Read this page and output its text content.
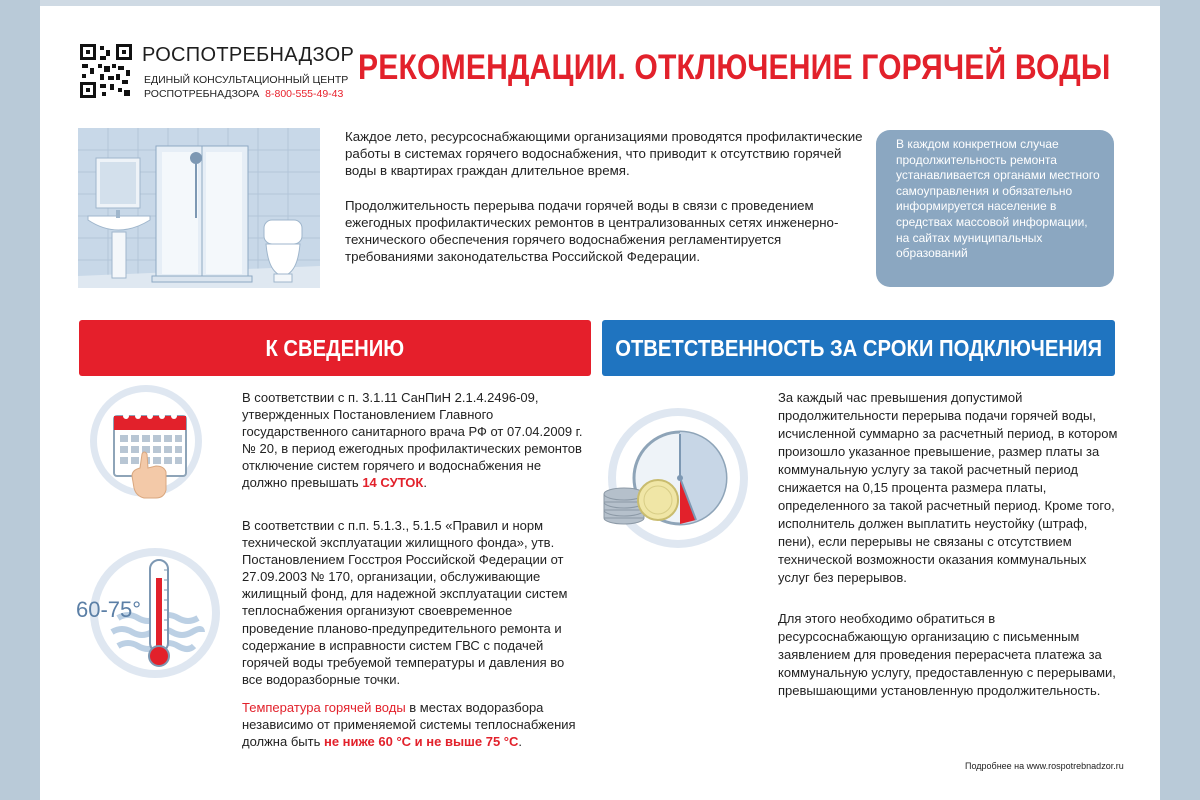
РОСПОТРЕБНАДЗОР
ЕДИНЫЙ КОНСУЛЬТАЦИОННЫЙ ЦЕНТР
РОСПОТРЕБНАДЗОРА 8-800-555-49-43
РЕКОМЕНДАЦИИ. ОТКЛЮЧЕНИЕ ГОРЯЧЕЙ ВОДЫ

Каждое лето, ресурсоснабжающими организациями проводятся профилактические работы в системах горячего водоснабжения, что приводит к отсутствию горячей воды в квартирах граждан длительное время.

Продолжительность перерыва подачи горячей воды в связи с проведением ежегодных профилактических ремонтов в централизованных сетях инженерно-технического обеспечения горячего водоснабжения регламентируется требованиями законодательства Российской Федерации.

В каждом конкретном случае продолжительность ремонта устанавливается органами местного самоуправления и обязательно информируется население в средствах массовой информации, на сайтах муниципальных образований
К СВЕДЕНИЮ	ОТВЕТСТВЕННОСТЬ ЗА СРОКИ ПОДКЛЮЧЕНИЯ
В соответствии с п. 3.1.11 СанПиН 2.1.4.2496-09, утвержденных Постановлением Главного государственного санитарного врача РФ от 07.04.2009 г. № 20, в период ежегодных профилактических ремонтов отключение систем горячего и водоснабжения не должно превышать 14 СУТОК.
60-75°
В соответствии с п.п. 5.1.3., 5.1.5 «Правил и норм технической эксплуатации жилищного фонда», утв. Постановлением Госстроя Российской Федерации от 27.09.2003 № 170, организации, обслуживающие жилищный фонд, для надежной эксплуатации систем теплоснабжения организуют своевременное проведение планово-предупредительного ремонта и содержание в исправности систем ГВС с подачей горячей воды требуемой температуры и давления во все водоразборные точки.
Температура горячей воды в местах водоразбора независимо от применяемой системы теплоснабжения должна быть не ниже 60 °С и не выше 75 °С.
За каждый час превышения допустимой продолжительности перерыва подачи горячей воды, исчисленной суммарно за расчетный период, в котором произошло указанное превышение, размер платы за коммунальную услугу за такой расчетный период снижается на 0,15 процента размера платы, определенного за такой расчетный период. Кроме того, исполнитель должен выплатить неустойку (штраф, пени), если перерывы не связаны с отсутствием технической возможности оказания коммунальных услуг без перерывов.
Для этого необходимо обратиться в ресурсоснабжающую организацию с письменным заявлением для проведения перерасчета платежа за коммунальную услугу, предоставленную с перерывами, превышающими установленную продолжительность.
Подробнее на www.rospotrebnadzor.ru
